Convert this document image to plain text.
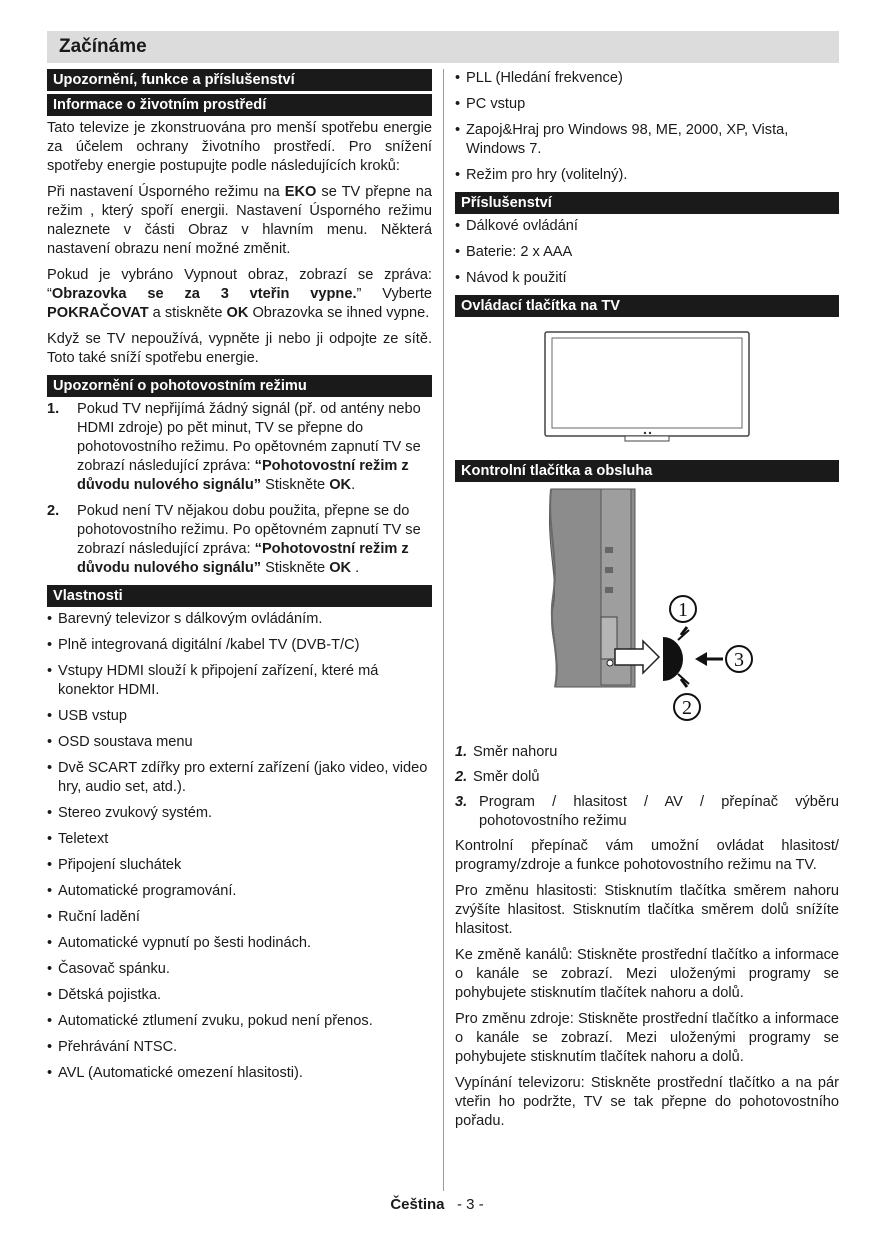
Začínáme
Upozornění, funkce a příslušenství
Informace o životním prostředí

Tato televize je zkonstruována pro menší spotřebu energie za účelem ochrany životního prostředí. Pro snížení spotřeby energie postupujte podle následujících kroků:

Při nastavení Úsporného režimu na EKO se TV přepne na režim , který spoří energii. Nastavení Úsporného režimu naleznete v části Obraz v hlavním menu. Některá nastavení obrazu není možné změnit.

Pokud je vybráno Vypnout obraz, zobrazí se zpráva: “Obrazovka se za 3 vteřin vypne.” Vyberte POKRAČOVAT a stiskněte OK Obrazovka se ihned vypne.

Když se TV nepoužívá, vypněte ji nebo ji odpojte ze sítě. Toto také sníží spotřebu energie.

Upozornění o pohotovostním režimu
1.	Pokud TV nepřijímá žádný signál (př. od antény nebo HDMI zdroje) po pět minut, TV se přepne do pohotovostního režimu. Po opětovném zapnutí TV se zobrazí následující zpráva: “Pohotovostní režim z důvodu nulového signálu” Stiskněte OK.
2.	Pokud není TV nějakou dobu použita, přepne se do pohotovostního režimu. Po opětovném zapnutí TV se zobrazí následující zpráva: “Pohotovostní režim z důvodu nulového signálu” Stiskněte OK .
Vlastnosti
• Barevný televizor s dálkovým ovládáním.
• Plně integrovaná digitální /kabel TV (DVB-T/C)
• Vstupy HDMI slouží k připojení zařízení, které má konektor HDMI.
• USB vstup
• OSD soustava menu
• Dvě SCART zdířky pro externí zařízení (jako video, video hry, audio set, atd.).
• Stereo zvukový systém.
• Teletext
• Připojení sluchátek
• Automatické programování.
• Ruční ladění
• Automatické vypnutí po šesti hodinách.
• Časovač spánku.
• Dětská pojistka.
• Automatické ztlumení zvuku, pokud není přenos.
• Přehrávání NTSC.
• AVL (Automatické omezení hlasitosti).
• PLL (Hledání frekvence)
• PC vstup
• Zapoj&Hraj pro Windows 98, ME, 2000, XP, Vista, Windows 7.
• Režim pro hry (volitelný).
Příslušenství
• Dálkové ovládání
• Baterie: 2 x AAA
• Návod k použití
Ovládací tlačítka na TV
Kontrolní tlačítka a obsluha
1
2
3
1. Směr nahoru
2. Směr dolů
3. Program / hlasitost / AV / přepínač výběru pohotovostního režimu

Kontrolní přepínač vám umožní ovládat hlasitost/ programy/zdroje a funkce pohotovostního režimu na TV.

Pro změnu hlasitosti: Stisknutím tlačítka směrem nahoru zvýšíte hlasitost. Stisknutím tlačítka směrem dolů snížíte hlasitost.

Ke změně kanálů: Stiskněte prostřední tlačítko a informace o kanále se zobrazí. Mezi uloženými programy se pohybujete stisknutím tlačítek nahoru a dolů.

Pro změnu zdroje: Stiskněte prostřední tlačítko a informace o kanále se zobrazí. Mezi uloženými programy se pohybujete stisknutím tlačítek nahoru a dolů.

Vypínání televizoru: Stiskněte prostřední tlačítko a na pár vteřin ho podržte, TV se tak přepne do pohotovostního pořadu.

Čeština - 3 -
